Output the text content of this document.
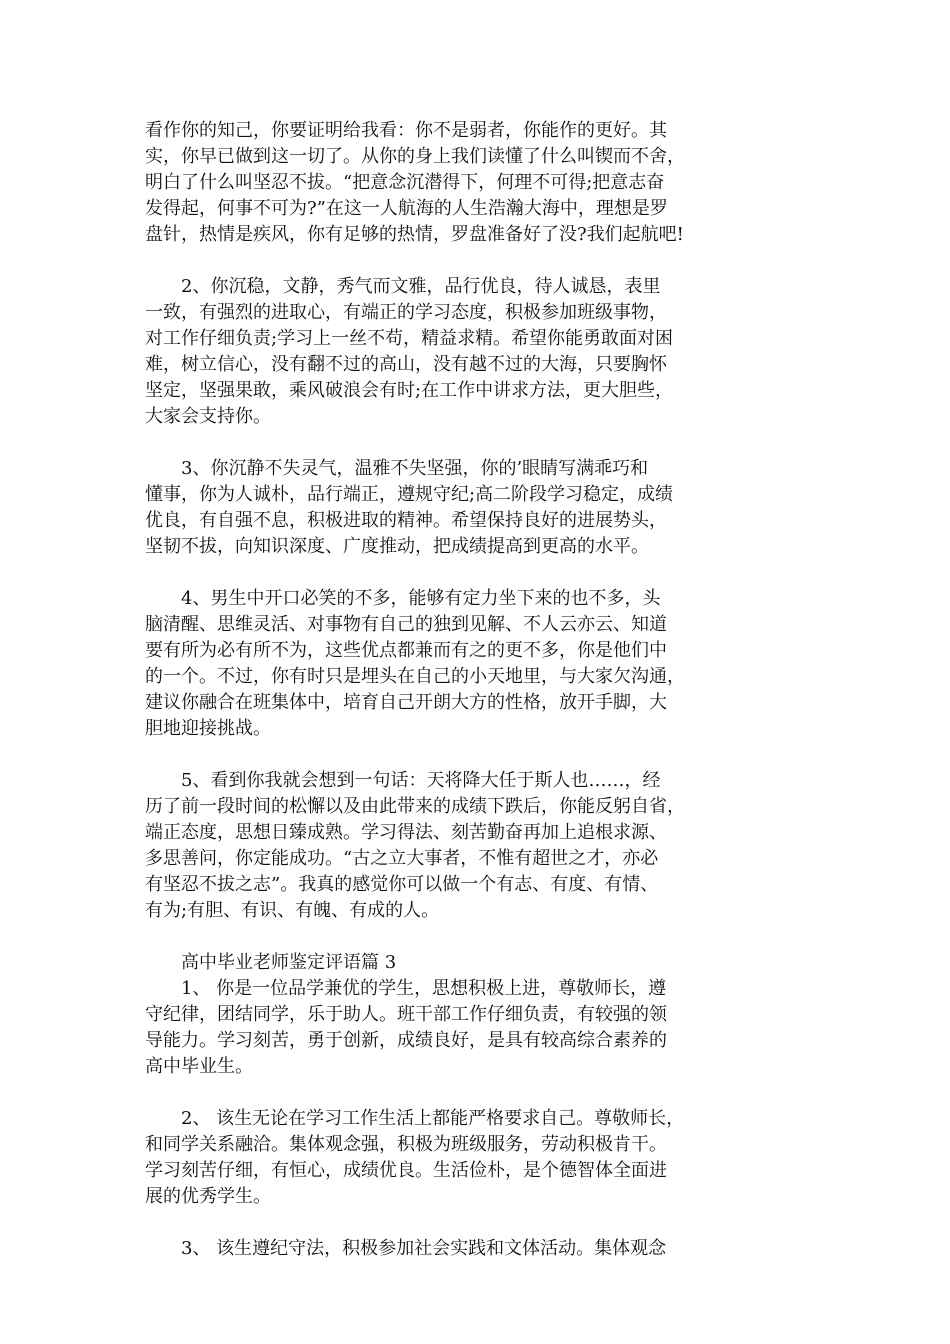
看作你的知己，你要证明给我看：你不是弱者，你能作的更好。其
实，你早已做到这一切了。从你的身上我们读懂了什么叫锲而不舍，
明白了什么叫坚忍不拔。“把意念沉潜得下，何理不可得;把意志奋
发得起，何事不可为?”在这一人航海的人生浩瀚大海中，理想是罗
盘针，热情是疾风，你有足够的热情，罗盘准备好了没?我们起航吧!

　　2、你沉稳，文静，秀气而文雅，品行优良，待人诚恳，表里
一致，有强烈的进取心，有端正的学习态度，积极参加班级事物，
对工作仔细负责;学习上一丝不苟，精益求精。希望你能勇敢面对困
难，树立信心，没有翻不过的高山，没有越不过的大海，只要胸怀
坚定，坚强果敢，乘风破浪会有时;在工作中讲求方法，更大胆些，
大家会支持你。

　　3、你沉静不失灵气，温雅不失坚强，你的’眼睛写满乖巧和
懂事，你为人诚朴，品行端正，遵规守纪;高二阶段学习稳定，成绩
优良，有自强不息，积极进取的精神。希望保持良好的进展势头，
坚韧不拔，向知识深度、广度推动，把成绩提高到更高的水平。

　　4、男生中开口必笑的不多，能够有定力坐下来的也不多，头
脑清醒、思维灵活、对事物有自己的独到见解、不人云亦云、知道
要有所为必有所不为，这些优点都兼而有之的更不多，你是他们中
的一个。不过，你有时只是埋头在自己的小天地里，与大家欠沟通，
建议你融合在班集体中，培育自己开朗大方的性格，放开手脚，大
胆地迎接挑战。

　　5、看到你我就会想到一句话：天将降大任于斯人也……，经
历了前一段时间的松懈以及由此带来的成绩下跌后，你能反躬自省，
端正态度，思想日臻成熟。学习得法、刻苦勤奋再加上追根求源、
多思善问，你定能成功。“古之立大事者，不惟有超世之才，亦必
有坚忍不拔之志”。我真的感觉你可以做一个有志、有度、有情、
有为;有胆、有识、有魄、有成的人。

　　高中毕业老师鉴定评语篇 3

　　1、 你是一位品学兼优的学生，思想积极上进，尊敬师长，遵
守纪律，团结同学，乐于助人。班干部工作仔细负责，有较强的领
导能力。学习刻苦，勇于创新，成绩良好，是具有较高综合素养的
高中毕业生。

　　2、 该生无论在学习工作生活上都能严格要求自己。尊敬师长，
和同学关系融洽。集体观念强，积极为班级服务，劳动积极肯干。
学习刻苦仔细，有恒心，成绩优良。生活俭朴，是个德智体全面进
展的优秀学生。

　　3、 该生遵纪守法，积极参加社会实践和文体活动。集体观念
